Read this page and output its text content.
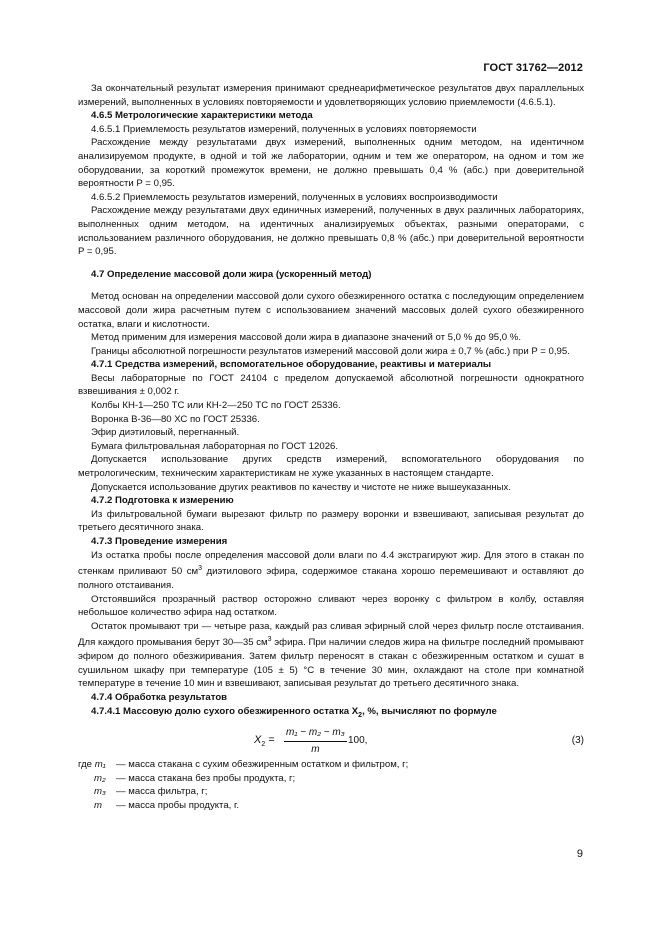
ГОСТ 31762—2012

За окончательный результат измерения принимают среднеарифметическое результатов двух параллельных измерений, выполненных в условиях повторяемости и удовлетворяющих условию приемлемости (4.6.5.1).

4.6.5 Метрологические характеристики метода

4.6.5.1 Приемлемость результатов измерений, полученных в условиях повторяемости

Расхождение между результатами двух измерений, выполненных одним методом, на идентичном анализируемом продукте, в одной и той же лаборатории, одним и тем же оператором, на одном и том же оборудовании, за короткий промежуток времени, не должно превышать 0,4 % (абс.) при доверительной вероятности P = 0,95.

4.6.5.2 Приемлемость результатов измерений, полученных в условиях воспроизводимости

Расхождение между результатами двух единичных измерений, полученных в двух различных лабораториях, выполненных одним методом, на идентичных анализируемых объектах, разными операторами, с использованием различного оборудования, не должно превышать 0,8 % (абс.) при доверительной вероятности P = 0,95.

4.7 Определение массовой доли жира (ускоренный метод)

Метод основан на определении массовой доли сухого обезжиренного остатка с последующим определением массовой доли жира расчетным путем с использованием значений массовых долей сухого обезжиренного остатка, влаги и кислотности.

Метод применим для измерения массовой доли жира в диапазоне значений от 5,0 % до 95,0 %.

Границы абсолютной погрешности результатов измерений массовой доли жира ± 0,7 % (абс.) при P = 0,95.

4.7.1 Средства измерений, вспомогательное оборудование, реактивы и материалы

Весы лабораторные по ГОСТ 24104 с пределом допускаемой абсолютной погрешности однократного взвешивания ± 0,002 г.

Колбы КН-1—250 ТС или КН-2—250 ТС по ГОСТ 25336.

Воронка В-36—80 ХС по ГОСТ 25336.

Эфир диэтиловый, перегнанный.

Бумага фильтровальная лабораторная по ГОСТ 12026.

Допускается использование других средств измерений, вспомогательного оборудования по метрологическим, техническим характеристикам не хуже указанных в настоящем стандарте.

Допускается использование других реактивов по качеству и чистоте не ниже вышеуказанных.

4.7.2 Подготовка к измерению

Из фильтровальной бумаги вырезают фильтр по размеру воронки и взвешивают, записывая результат до третьего десятичного знака.

4.7.3 Проведение измерения

Из остатка пробы после определения массовой доли влаги по 4.4 экстрагируют жир. Для этого в стакан по стенкам приливают 50 $см^3$ диэтилового эфира, содержимое стакана хорошо перемешивают и оставляют до полного отстаивания.

Отстоявшийся прозрачный раствор осторожно сливают через воронку с фильтром в колбу, оставляя небольшое количество эфира над остатком.

Остаток промывают три — четыре раза, каждый раз сливая эфирный слой через фильтр после отстаивания. Для каждого промывания берут 30—35 $см^3$ эфира. При наличии следов жира на фильтре последний промывают эфиром до полного обезжиривания. Затем фильтр переносят в стакан с обезжиренным остатком и сушат в сушильном шкафу при температуре (105 ± 5) °С в течение 30 мин, охлаждают на столе при комнатной температуре в течение 10 мин и взвешивают, записывая результат до третьего десятичного знака.

4.7.4 Обработка результатов

4.7.4.1 Массовую долю сухого обезжиренного остатка $X_2$, %, вычисляют по формуле

$X_2 = \frac{\text{m₁ − m₂ − m₃}}{m} 100$,	(3)
где m₁	— масса стакана с сухим обезжиренным остатком и фильтром, г;
m₂	— масса стакана без пробы продукта, г;
m₃	— масса фильтра, г;
m	— масса пробы продукта, г.
9
